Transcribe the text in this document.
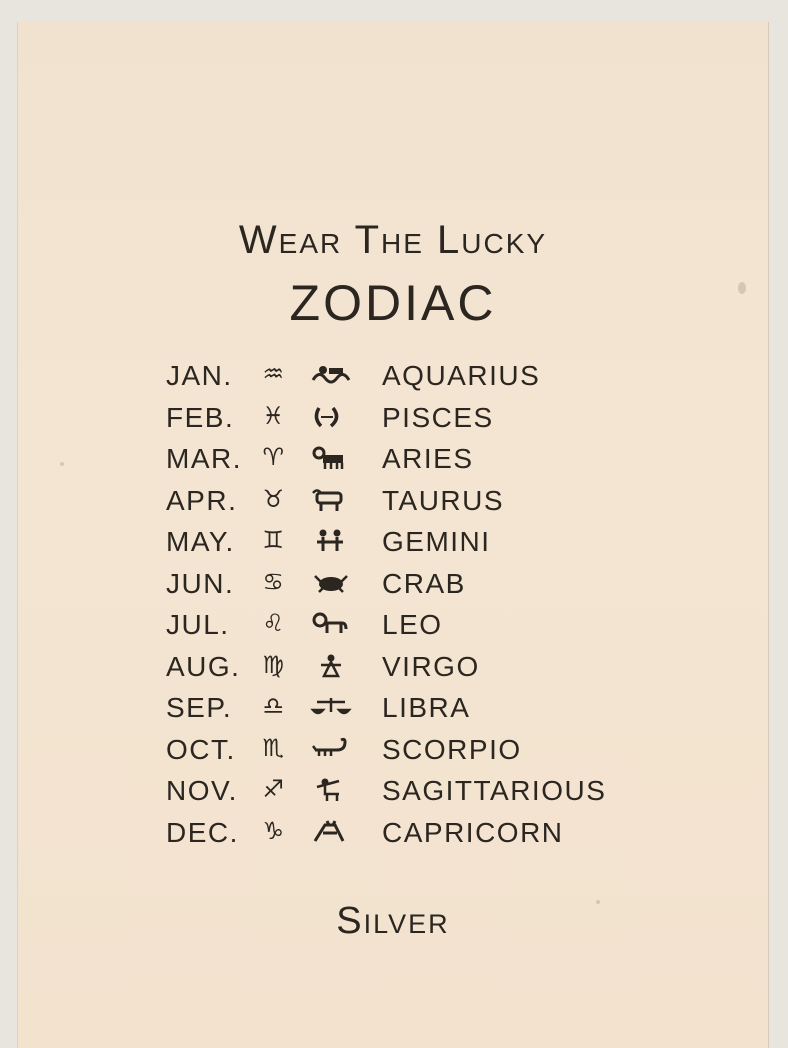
Wear The Lucky
ZODIAC
JAN.	♒	AQUARIUS
FEB.	♓	PISCES
MAR. ♈	ARIES
APR.	♉	TAURUS
MAY.	♊	GEMINI
JUN.	♋	CRAB
JUL.	♌	LEO
AUG. ♍	VIRGO
SEP.	♎	LIBRA
OCT.	♏	SCORPIO
NOV.	♐	SAGITTARIOUS
DEC. ♑	CAPRICORN
Silver
